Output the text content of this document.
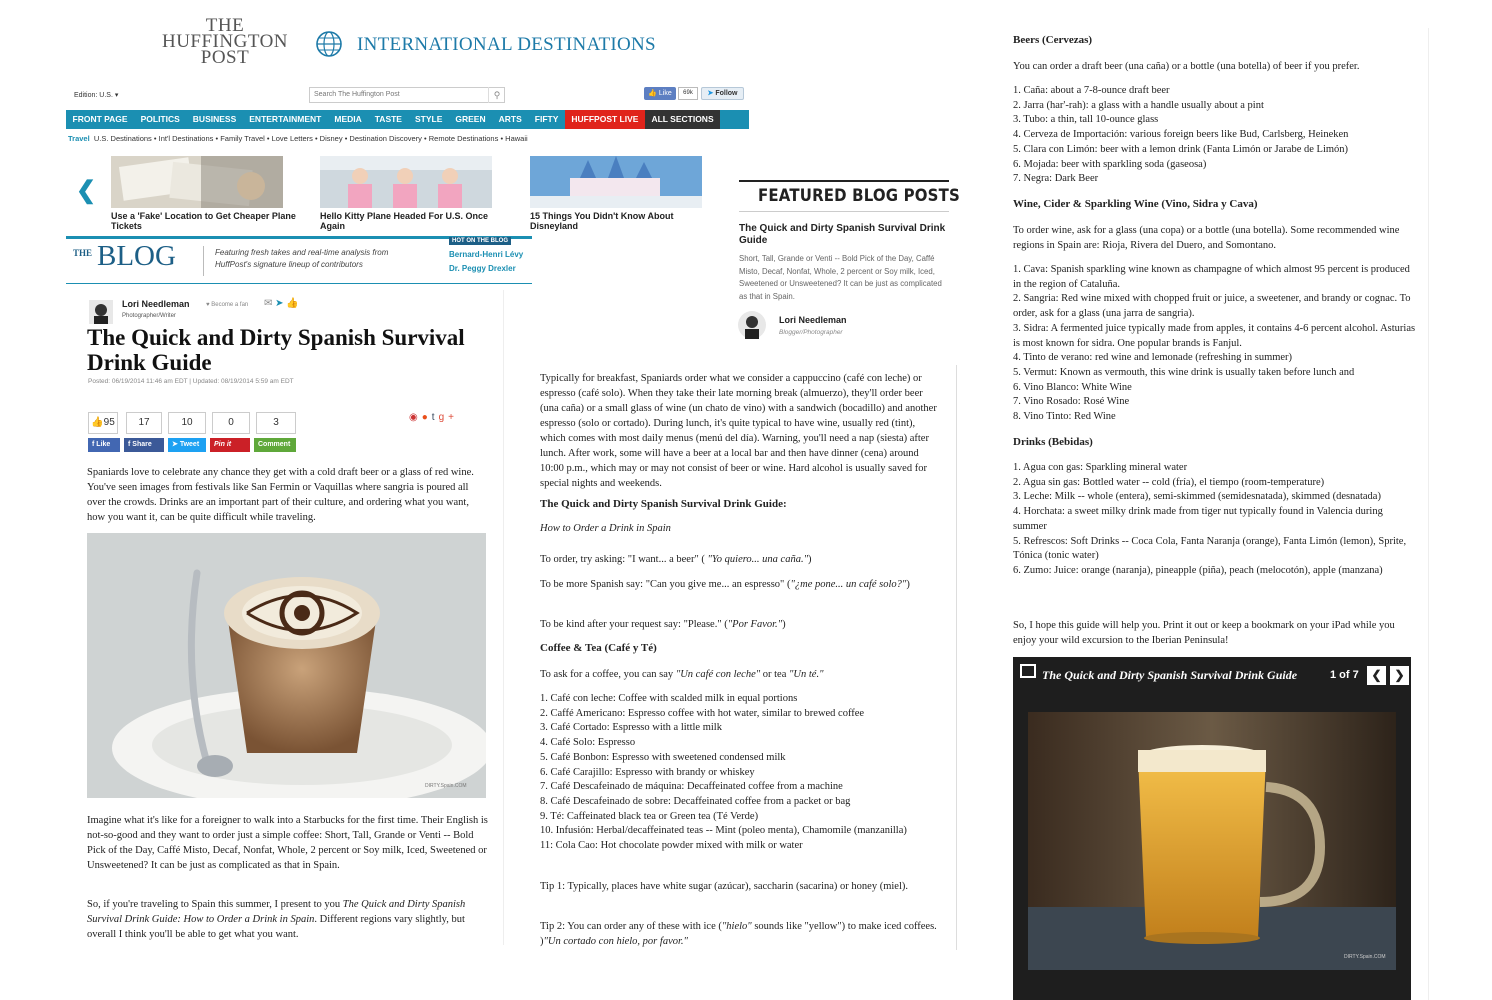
THE
HUFFINGTON
POST
INTERNATIONAL DESTINATIONS
Edition: U.S. ▾	Search The Huffington Post	⚲	👍 Like	69k	➤ Follow
FRONT PAGE	POLITICS	BUSINESS	ENTERTAINMENT	MEDIA	TASTE	STYLE	GREEN	ARTS	FIFTY	HUFFPOST LIVE	ALL SECTIONS
Travel U.S. Destinations • Int'l Destinations • Family Travel • Love Letters • Disney • Destination Discovery • Remote Destinations • Hawaii
❮
Use a 'Fake' Location to Get Cheaper Plane Tickets
Hello Kitty Plane Headed For U.S. Once Again
15 Things You Didn't Know About Disneyland
THE BLOG	Featuring fresh takes and real-time analysis from HuffPost's signature lineup of contributors
HOT ON THE BLOG
Bernard-Henri Lévy
Dr. Peggy Drexler
Lori Needleman
Photographer/Writer
♥ Become a fan ✉ ➤ 👍
The Quick and Dirty Spanish Survival Drink Guide
Posted: 06/19/2014 11:46 am EDT | Updated: 08/19/2014 5:59 am EDT
👍95	17	10	0	3
f Like	f Share	➤ Tweet	Pin it	Comment
◉●tg+
Spaniards love to celebrate any chance they get with a cold draft beer or a glass of red wine. You've seen images from festivals like San Fermin or Vaquillas where sangria is poured all over the crowds. Drinks are an important part of their culture, and ordering what you want, how you want it, can be quite difficult while traveling.
DIRTY.Spain.COM
Imagine what it's like for a foreigner to walk into a Starbucks for the first time. Their English is not-so-good and they want to order just a simple coffee: Short, Tall, Grande or Venti -- Bold Pick of the Day, Caffé Misto, Decaf, Nonfat, Whole, 2 percent or Soy milk, Iced, Sweetened or Unsweetened? It can be just as complicated as that in Spain.
So, if you're traveling to Spain this summer, I present to you The Quick and Dirty Spanish Survival Drink Guide: How to Order a Drink in Spain. Different regions vary slightly, but overall I think you'll be able to get what you want.
FEATURED BLOG POSTS
The Quick and Dirty Spanish Survival Drink Guide
Short, Tall, Grande or Venti -- Bold Pick of the Day, Caffé Misto, Decaf, Nonfat, Whole, 2 percent or Soy milk, Iced, Sweetened or Unsweetened? It can be just as complicated as that in Spain.
Lori Needleman
Blogger/Photographer
Typically for breakfast, Spaniards order what we consider a cappuccino (café con leche) or espresso (café solo). When they take their late morning break (almuerzo), they'll order beer (una caña) or a small glass of wine (un chato de vino) with a sandwich (bocadillo) and another espresso (solo or cortado). During lunch, it's quite typical to have wine, usually red (tint), which comes with most daily menus (menú del día). Warning, you'll need a nap (siesta) after lunch. After work, some will have a beer at a local bar and then have dinner (cena) around 10:00 p.m., which may or may not consist of beer or wine. Hard alcohol is usually saved for special nights and weekends.
The Quick and Dirty Spanish Survival Drink Guide:
How to Order a Drink in Spain
To order, try asking: "I want... a beer" ( "Yo quiero... una caña.")
To be more Spanish say: "Can you give me... an espresso" ("¿me pone... un café solo?")
To be kind after your request say: "Please." ("Por Favor.")
Coffee & Tea (Café y Té)
To ask for a coffee, you can say "Un café con leche" or tea "Un té."
1. Café con leche: Coffee with scalded milk in equal portions
2. Caffé Americano: Espresso coffee with hot water, similar to brewed coffee
3. Café Cortado: Espresso with a little milk
4. Café Solo: Espresso
5. Café Bonbon: Espresso with sweetened condensed milk
6. Café Carajillo: Espresso with brandy or whiskey
7. Café Descafeinado de máquina: Decaffeinated coffee from a machine
8. Café Descafeinado de sobre: Decaffeinated coffee from a packet or bag
9. Té: Caffeinated black tea or Green tea (Té Verde)
10. Infusión: Herbal/decaffeinated teas -- Mint (poleo menta), Chamomile (manzanilla)
11: Cola Cao: Hot chocolate powder mixed with milk or water
Tip 1: Typically, places have white sugar (azúcar), saccharin (sacarina) or honey (miel).
Tip 2: You can order any of these with ice ("hielo" sounds like "yellow") to make iced coffees. )"Un cortado con hielo, por favor."
Beers (Cervezas)
You can order a draft beer (una caña) or a bottle (una botella) of beer if you prefer.
1. Caña: about a 7-8-ounce draft beer
2. Jarra (har'-rah): a glass with a handle usually about a pint
3. Tubo: a thin, tall 10-ounce glass
4. Cerveza de Importación: various foreign beers like Bud, Carlsberg, Heineken
5. Clara con Limón: beer with a lemon drink (Fanta Limón or Jarabe de Limón)
6. Mojada: beer with sparkling soda (gaseosa)
7. Negra: Dark Beer
Wine, Cider & Sparkling Wine (Vino, Sidra y Cava)
To order wine, ask for a glass (una copa) or a bottle (una botella). Some recommended wine regions in Spain are: Rioja, Rivera del Duero, and Somontano.
1. Cava: Spanish sparkling wine known as champagne of which almost 95 percent is produced in the region of Cataluña.
2. Sangria: Red wine mixed with chopped fruit or juice, a sweetener, and brandy or cognac. To order, ask for a glass (una jarra de sangria).
3. Sidra: A fermented juice typically made from apples, it contains 4-6 percent alcohol. Asturias is most known for sidra. One popular brands is Fanjul.
4. Tinto de verano: red wine and lemonade (refreshing in summer)
5. Vermut: Known as vermouth, this wine drink is usually taken before lunch and
6. Vino Blanco: White Wine
7. Vino Rosado: Rosé Wine
8. Vino Tinto: Red Wine
Drinks (Bebidas)
1. Agua con gas: Sparkling mineral water
2. Agua sin gas: Bottled water -- cold (fría), el tiempo (room-temperature)
3. Leche: Milk -- whole (entera), semi-skimmed (semidesnatada), skimmed (desnatada)
4. Horchata: a sweet milky drink made from tiger nut typically found in Valencia during summer
5. Refrescos: Soft Drinks -- Coca Cola, Fanta Naranja (orange), Fanta Limón (lemon), Sprite, Tónica (tonic water)
6. Zumo: Juice: orange (naranja), pineapple (piña), peach (melocotón), apple (manzana)
So, I hope this guide will help you. Print it out or keep a bookmark on your iPad while you enjoy your wild excursion to the Iberian Peninsula!
The Quick and Dirty Spanish Survival Drink Guide	1 of 7	❮	❯
DIRTY.Spain.COM
